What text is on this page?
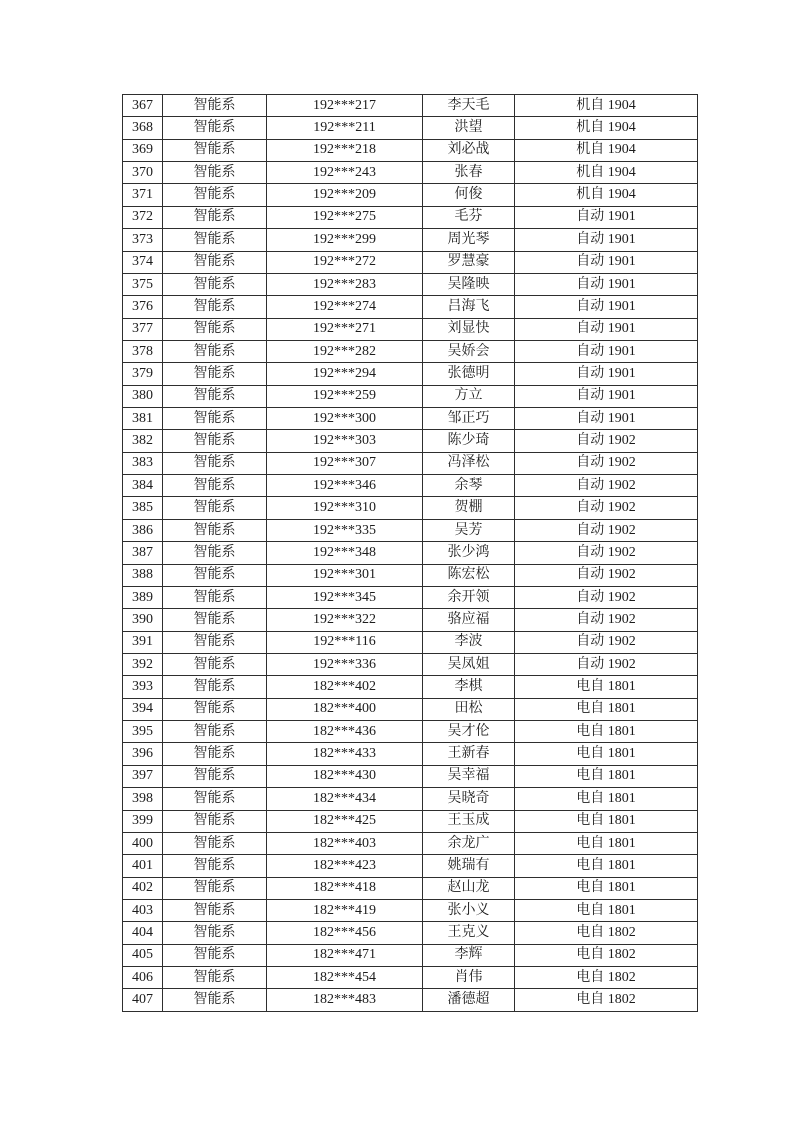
367	智能系	192***217	李天毛	机自 1904
368	智能系	192***211	洪望	机自 1904
369	智能系	192***218	刘必战	机自 1904
370	智能系	192***243	张春	机自 1904
371	智能系	192***209	何俊	机自 1904
372	智能系	192***275	毛芬	自动 1901
373	智能系	192***299	周光琴	自动 1901
374	智能系	192***272	罗慧豪	自动 1901
375	智能系	192***283	吴隆映	自动 1901
376	智能系	192***274	吕海飞	自动 1901
377	智能系	192***271	刘显快	自动 1901
378	智能系	192***282	吴娇会	自动 1901
379	智能系	192***294	张德明	自动 1901
380	智能系	192***259	方立	自动 1901
381	智能系	192***300	邹正巧	自动 1901
382	智能系	192***303	陈少琦	自动 1902
383	智能系	192***307	冯泽松	自动 1902
384	智能系	192***346	余琴	自动 1902
385	智能系	192***310	贺棚	自动 1902
386	智能系	192***335	吴芳	自动 1902
387	智能系	192***348	张少鸿	自动 1902
388	智能系	192***301	陈宏松	自动 1902
389	智能系	192***345	余开领	自动 1902
390	智能系	192***322	骆应福	自动 1902
391	智能系	192***116	李波	自动 1902
392	智能系	192***336	吴凤姐	自动 1902
393	智能系	182***402	李棋	电自 1801
394	智能系	182***400	田松	电自 1801
395	智能系	182***436	吴才伦	电自 1801
396	智能系	182***433	王新春	电自 1801
397	智能系	182***430	吴幸福	电自 1801
398	智能系	182***434	吴晓奇	电自 1801
399	智能系	182***425	王玉成	电自 1801
400	智能系	182***403	余龙广	电自 1801
401	智能系	182***423	姚瑞有	电自 1801
402	智能系	182***418	赵山龙	电自 1801
403	智能系	182***419	张小义	电自 1801
404	智能系	182***456	王克义	电自 1802
405	智能系	182***471	李辉	电自 1802
406	智能系	182***454	肖伟	电自 1802
407	智能系	182***483	潘德超	电自 1802
